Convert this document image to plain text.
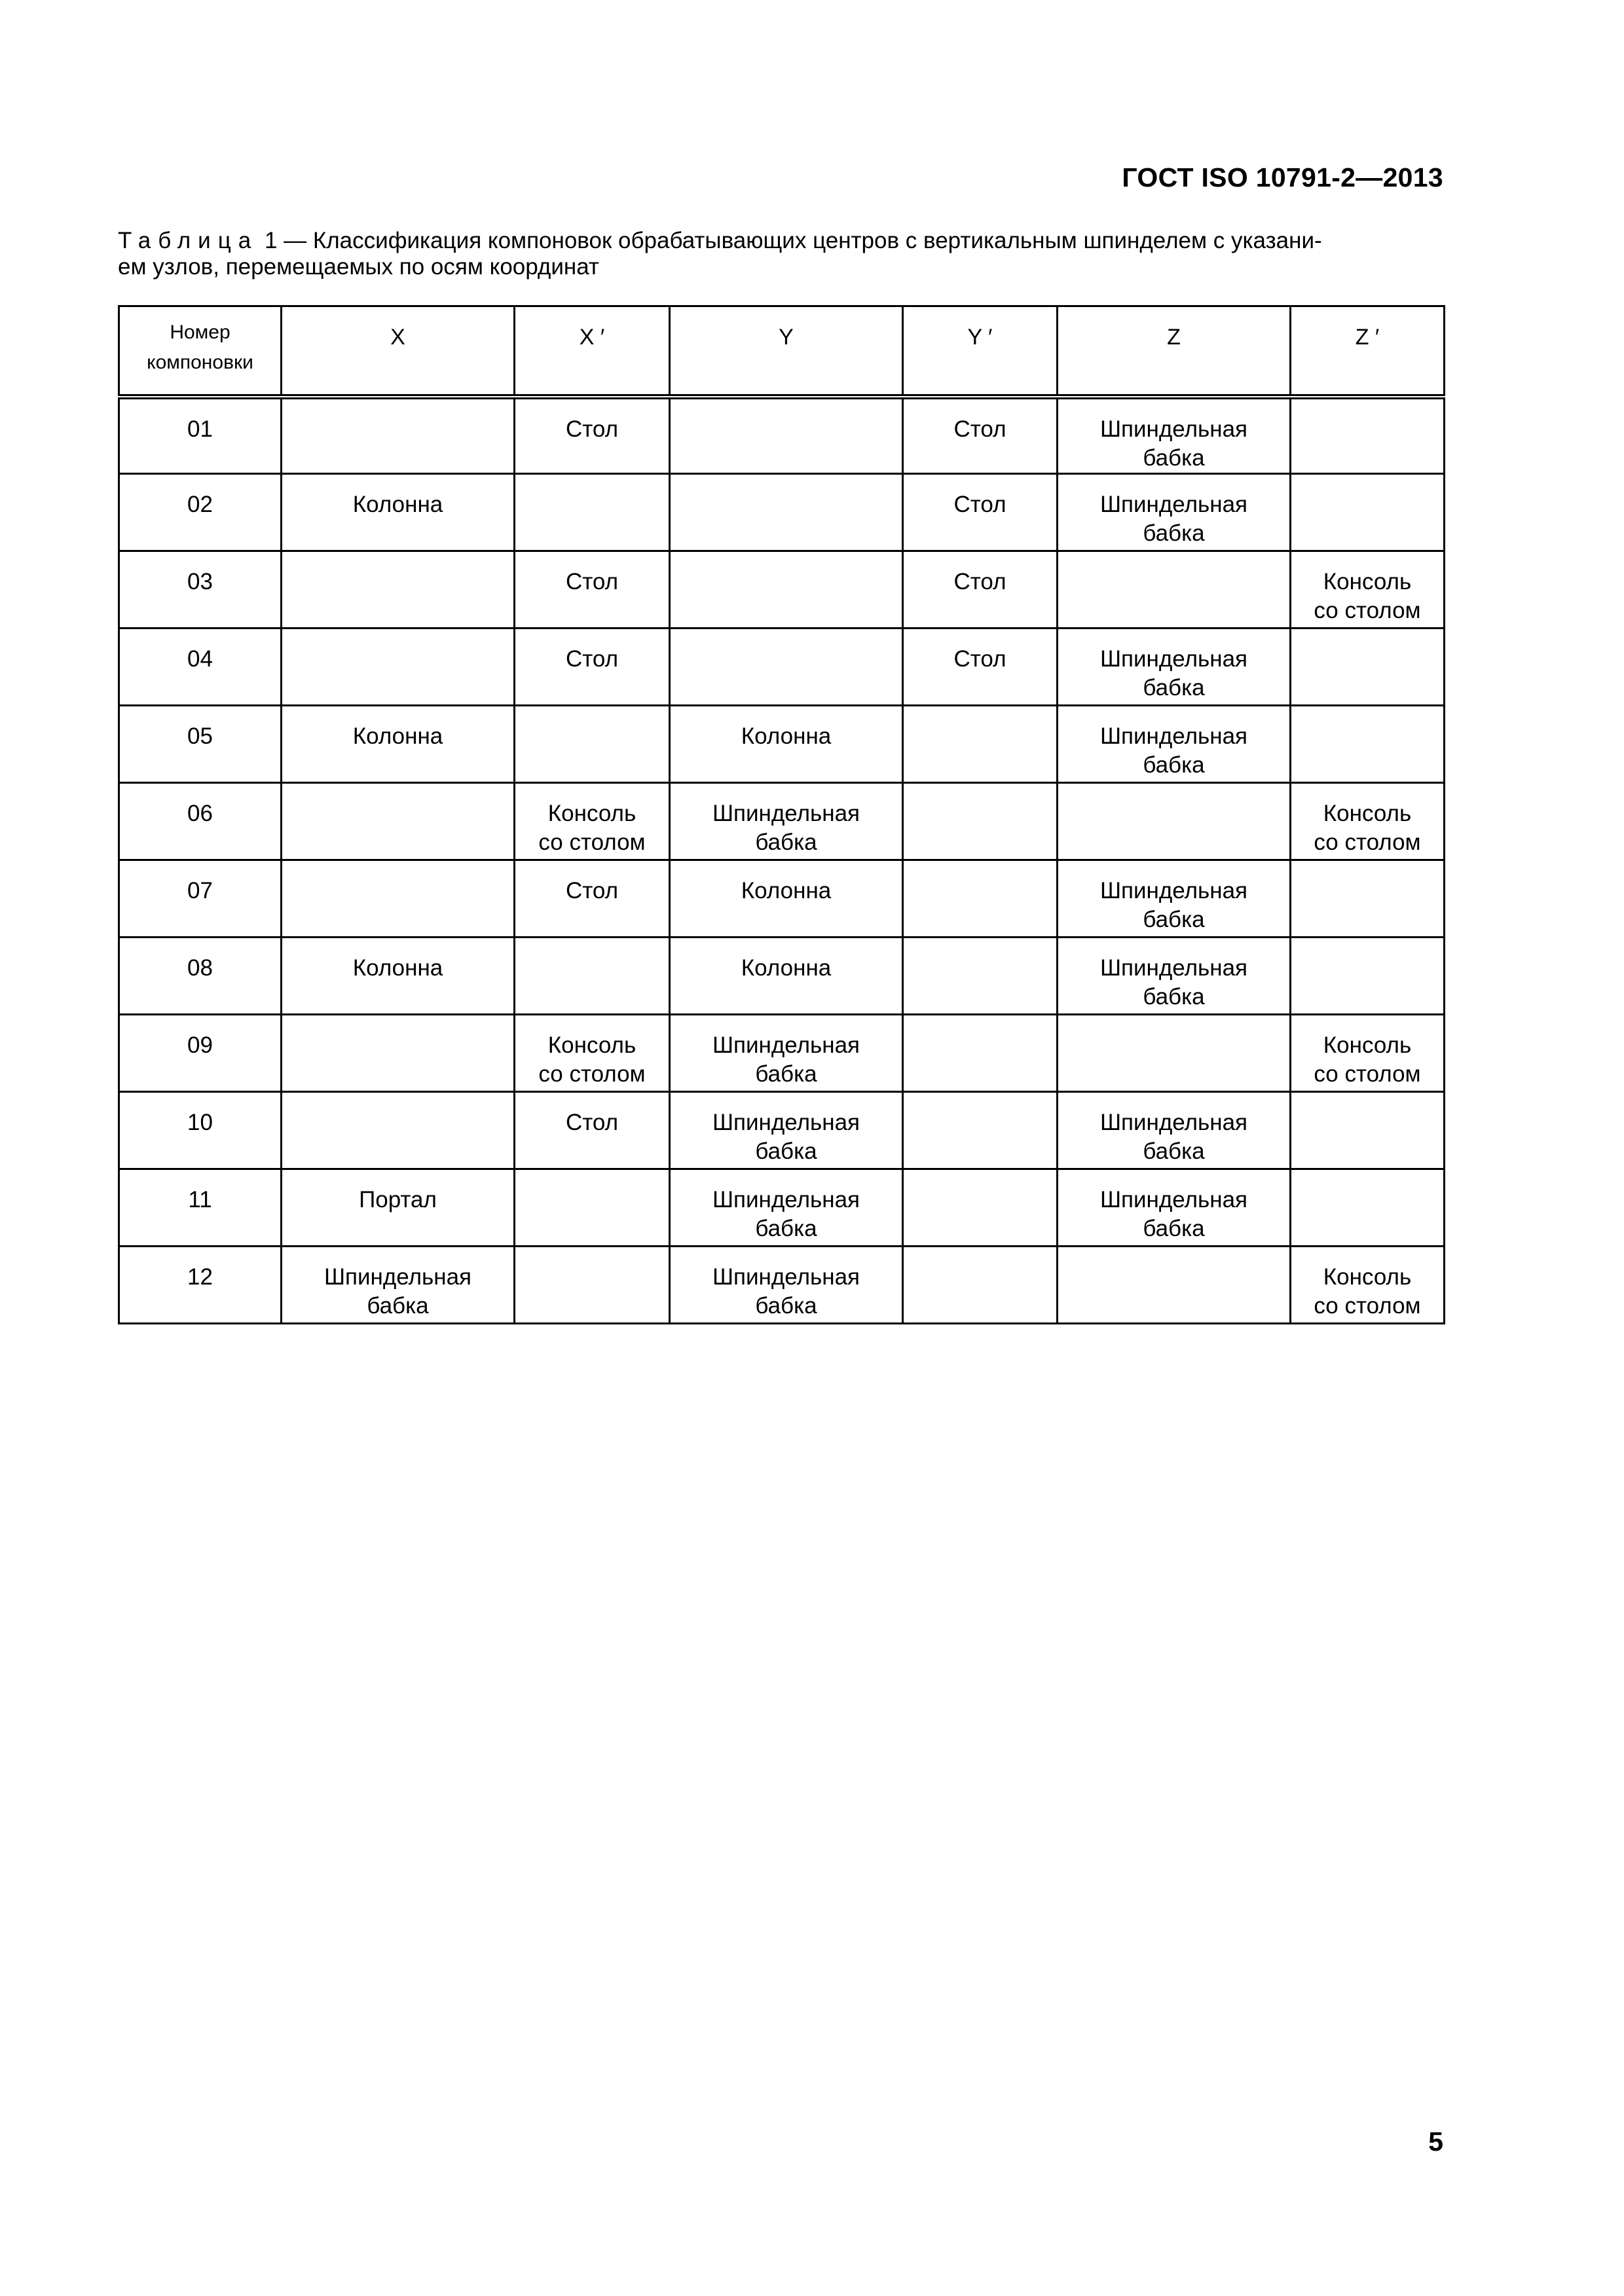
ГОСТ ISO 10791-2—2013
Таблица 1 — Классификация компоновок обрабатывающих центров с вертикальным шпинделем с указани-
ем узлов, перемещаемых по осям координат
Номер
компоновки	X	X ′	Y	Y ′	Z	Z ′
01		Стол		Стол	Шпиндельная
бабка	
02	Колонна			Стол	Шпиндельная
бабка	
03		Стол		Стол		Консоль
со столом
04		Стол		Стол	Шпиндельная
бабка	
05	Колонна		Колонна		Шпиндельная
бабка	
06		Консоль
со столом	Шпиндельная
бабка			Консоль
со столом
07		Стол	Колонна		Шпиндельная
бабка	
08	Колонна		Колонна		Шпиндельная
бабка	
09		Консоль
со столом	Шпиндельная
бабка			Консоль
со столом
10		Стол	Шпиндельная
бабка		Шпиндельная
бабка	
11	Портал		Шпиндельная
бабка		Шпиндельная
бабка	
12	Шпиндельная
бабка		Шпиндельная
бабка			Консоль
со столом
5
